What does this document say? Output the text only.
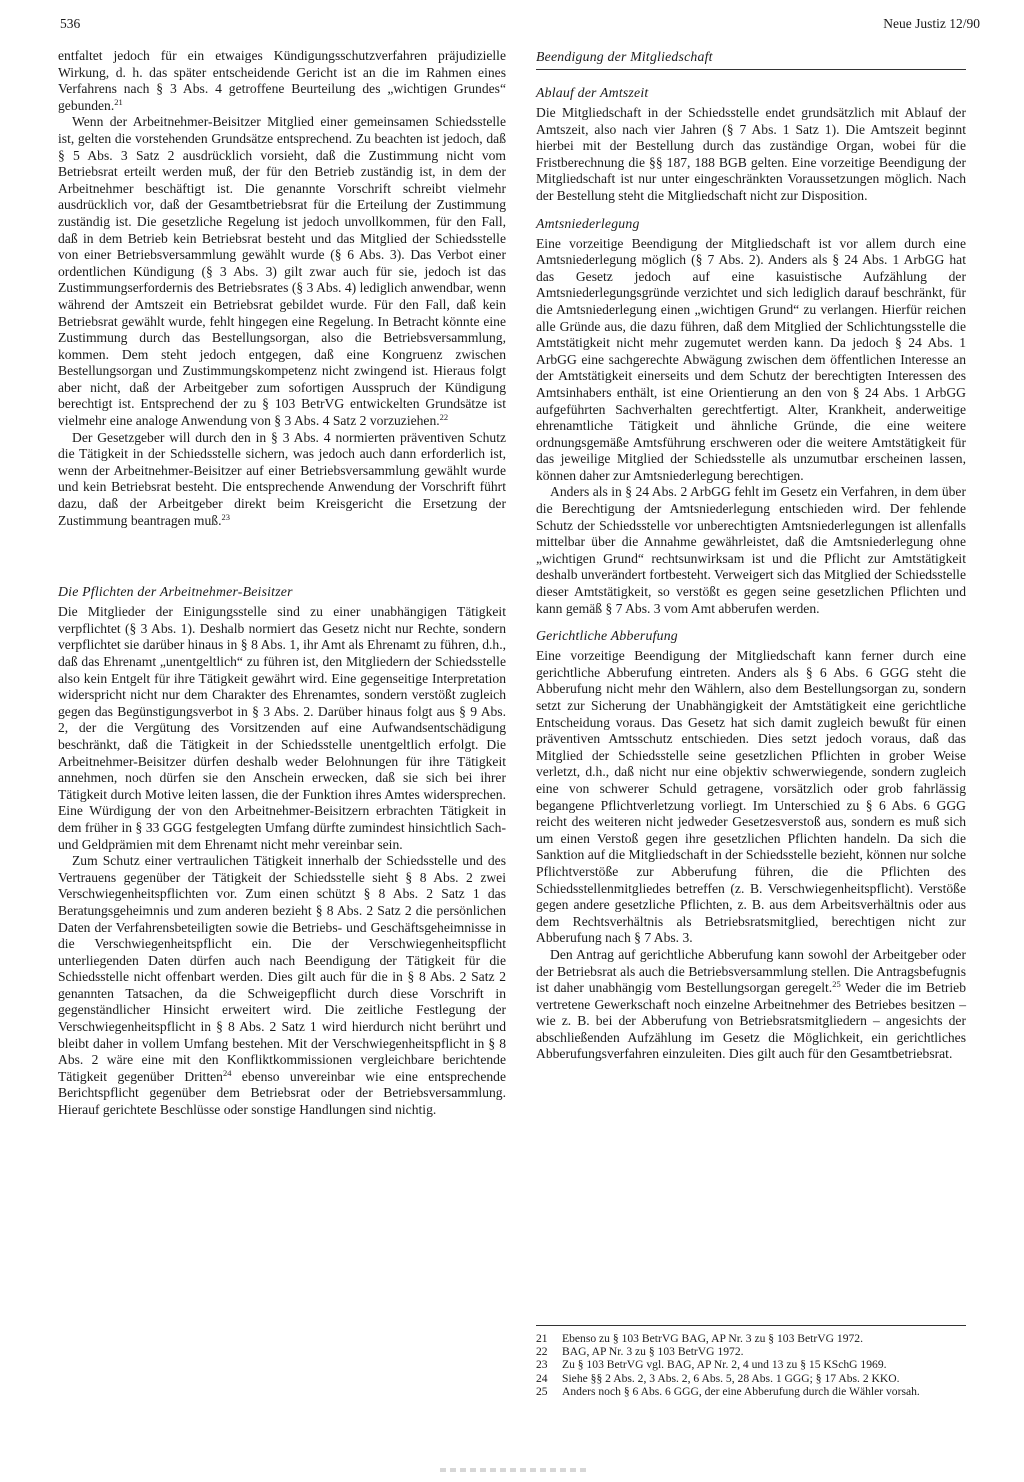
536	Neue Justiz 12/90

entfaltet jedoch für ein etwaiges Kündigungsschutzverfahren präjudizielle Wirkung, d. h. das später entscheidende Gericht ist an die im Rahmen eines Verfahrens nach § 3 Abs. 4 getroffene Beurteilung des „wichtigen Grundes“ gebunden.$^{21}$

Wenn der Arbeitnehmer-Beisitzer Mitglied einer gemeinsamen Schiedsstelle ist, gelten die vorstehenden Grundsätze entsprechend. Zu beachten ist jedoch, daß § 5 Abs. 3 Satz 2 ausdrücklich vorsieht, daß die Zustimmung nicht vom Betriebsrat erteilt werden muß, der für den Betrieb zuständig ist, in dem der Arbeitnehmer beschäftigt ist. Die genannte Vorschrift schreibt vielmehr ausdrücklich vor, daß der Gesamtbetriebsrat für die Erteilung der Zustimmung zuständig ist. Die gesetzliche Regelung ist jedoch unvollkommen, für den Fall, daß in dem Betrieb kein Betriebsrat besteht und das Mitglied der Schiedsstelle von einer Betriebsversammlung gewählt wurde (§ 6 Abs. 3). Das Verbot einer ordentlichen Kündigung (§ 3 Abs. 3) gilt zwar auch für sie, jedoch ist das Zustimmungserfordernis des Betriebsrates (§ 3 Abs. 4) lediglich anwendbar, wenn während der Amtszeit ein Betriebsrat gebildet wurde. Für den Fall, daß kein Betriebsrat gewählt wurde, fehlt hingegen eine Regelung. In Betracht könnte eine Zustimmung durch das Bestellungsorgan, also die Betriebsversammlung, kommen. Dem steht jedoch entgegen, daß eine Kongruenz zwischen Bestellungsorgan und Zustimmungskompetenz nicht zwingend ist. Hieraus folgt aber nicht, daß der Arbeitgeber zum sofortigen Ausspruch der Kündigung berechtigt ist. Entsprechend der zu § 103 BetrVG entwickelten Grundsätze ist vielmehr eine analoge Anwendung von § 3 Abs. 4 Satz 2 vorzuziehen.$^{22}$

Der Gesetzgeber will durch den in § 3 Abs. 4 normierten präventiven Schutz die Tätigkeit in der Schiedsstelle sichern, was jedoch auch dann erforderlich ist, wenn der Arbeitnehmer-Beisitzer auf einer Betriebsversammlung gewählt wurde und kein Betriebsrat besteht. Die entsprechende Anwendung der Vorschrift führt dazu, daß der Arbeitgeber direkt beim Kreisgericht die Ersetzung der Zustimmung beantragen muß.$^{23}$

Die Pflichten der Arbeitnehmer-Beisitzer

Die Mitglieder der Einigungsstelle sind zu einer unabhängigen Tätigkeit verpflichtet (§ 3 Abs. 1). Deshalb normiert das Gesetz nicht nur Rechte, sondern verpflichtet sie darüber hinaus in § 8 Abs. 1, ihr Amt als Ehrenamt zu führen, d.h., daß das Ehrenamt „unentgeltlich“ zu führen ist, den Mitgliedern der Schiedsstelle also kein Entgelt für ihre Tätigkeit gewährt wird. Eine gegenseitige Interpretation widerspricht nicht nur dem Charakter des Ehrenamtes, sondern verstößt zugleich gegen das Begünstigungsverbot in § 3 Abs. 2. Darüber hinaus folgt aus § 9 Abs. 2, der die Vergütung des Vorsitzenden auf eine Aufwandsentschädigung beschränkt, daß die Tätigkeit in der Schiedsstelle unentgeltlich erfolgt. Die Arbeitnehmer-Beisitzer dürfen deshalb weder Belohnungen für ihre Tätigkeit annehmen, noch dürfen sie den Anschein erwecken, daß sie sich bei ihrer Tätigkeit durch Motive leiten lassen, die der Funktion ihres Amtes widersprechen. Eine Würdigung der von den Arbeitnehmer-Beisitzern erbrachten Tätigkeit in dem früher in § 33 GGG festgelegten Umfang dürfte zumindest hinsichtlich Sach- und Geldprämien mit dem Ehrenamt nicht mehr vereinbar sein.

Zum Schutz einer vertraulichen Tätigkeit innerhalb der Schiedsstelle und des Vertrauens gegenüber der Tätigkeit der Schiedsstelle sieht § 8 Abs. 2 zwei Verschwiegenheitspflichten vor. Zum einen schützt § 8 Abs. 2 Satz 1 das Beratungsgeheimnis und zum anderen bezieht § 8 Abs. 2 Satz 2 die persönlichen Daten der Verfahrensbeteiligten sowie die Betriebs- und Geschäftsgeheimnisse in die Verschwiegenheitspflicht ein. Die der Verschwiegenheitspflicht unterliegenden Daten dürfen auch nach Beendigung der Tätigkeit für die Schiedsstelle nicht offenbart werden. Dies gilt auch für die in § 8 Abs. 2 Satz 2 genannten Tatsachen, da die Schweigepflicht durch diese Vorschrift in gegenständlicher Hinsicht erweitert wird. Die zeitliche Festlegung der Verschwiegenheitspflicht in § 8 Abs. 2 Satz 1 wird hierdurch nicht berührt und bleibt daher in vollem Umfang bestehen. Mit der Verschwiegenheitspflicht in § 8 Abs. 2 wäre eine mit den Konfliktkommissionen vergleichbare berichtende Tätigkeit gegenüber Dritten$^{24}$ ebenso unvereinbar wie eine entsprechende Berichtspflicht gegenüber dem Betriebsrat oder der Betriebsversammlung. Hierauf gerichtete Beschlüsse oder sonstige Handlungen sind nichtig.

Beendigung der Mitgliedschaft
Ablauf der Amtszeit

Die Mitgliedschaft in der Schiedsstelle endet grundsätzlich mit Ablauf der Amtszeit, also nach vier Jahren (§ 7 Abs. 1 Satz 1). Die Amtszeit beginnt hierbei mit der Bestellung durch das zuständige Organ, wobei für die Fristberechnung die §§ 187, 188 BGB gelten. Eine vorzeitige Beendigung der Mitgliedschaft ist nur unter eingeschränkten Voraussetzungen möglich. Nach der Bestellung steht die Mitgliedschaft nicht zur Disposition.

Amtsniederlegung

Eine vorzeitige Beendigung der Mitgliedschaft ist vor allem durch eine Amtsniederlegung möglich (§ 7 Abs. 2). Anders als § 24 Abs. 1 ArbGG hat das Gesetz jedoch auf eine kasuistische Aufzählung der Amtsniederlegungsgründe verzichtet und sich lediglich darauf beschränkt, für die Amtsniederlegung einen „wichtigen Grund“ zu verlangen. Hierfür reichen alle Gründe aus, die dazu führen, daß dem Mitglied der Schlichtungsstelle die Amtstätigkeit nicht mehr zugemutet werden kann. Da jedoch § 24 Abs. 1 ArbGG eine sachgerechte Abwägung zwischen dem öffentlichen Interesse an der Amtstätigkeit einerseits und dem Schutz der berechtigten Interessen des Amtsinhabers enthält, ist eine Orientierung an den von § 24 Abs. 1 ArbGG aufgeführten Sachverhalten gerechtfertigt. Alter, Krankheit, anderweitige ehrenamtliche Tätigkeit und ähnliche Gründe, die eine weitere ordnungsgemäße Amtsführung erschweren oder die weitere Amtstätigkeit für das jeweilige Mitglied der Schiedsstelle als unzumutbar erscheinen lassen, können daher zur Amtsniederlegung berechtigen.

Anders als in § 24 Abs. 2 ArbGG fehlt im Gesetz ein Verfahren, in dem über die Berechtigung der Amtsniederlegung entschieden wird. Der fehlende Schutz der Schiedsstelle vor unberechtigten Amtsniederlegungen ist allenfalls mittelbar über die Annahme gewährleistet, daß die Amtsniederlegung ohne „wichtigen Grund“ rechtsunwirksam ist und die Pflicht zur Amtstätigkeit deshalb unverändert fortbesteht. Verweigert sich das Mitglied der Schiedsstelle dieser Amtstätigkeit, so verstößt es gegen seine gesetzlichen Pflichten und kann gemäß § 7 Abs. 3 vom Amt abberufen werden.

Gerichtliche Abberufung

Eine vorzeitige Beendigung der Mitgliedschaft kann ferner durch eine gerichtliche Abberufung eintreten. Anders als § 6 Abs. 6 GGG steht die Abberufung nicht mehr den Wählern, also dem Bestellungsorgan zu, sondern setzt zur Sicherung der Unabhängigkeit der Amtstätigkeit eine gerichtliche Entscheidung voraus. Das Gesetz hat sich damit zugleich bewußt für einen präventiven Amtsschutz entschieden. Dies setzt jedoch voraus, daß das Mitglied der Schiedsstelle seine gesetzlichen Pflichten in grober Weise verletzt, d.h., daß nicht nur eine objektiv schwerwiegende, sondern zugleich eine von schwerer Schuld getragene, vorsätzlich oder grob fahrlässig begangene Pflichtverletzung vorliegt. Im Unterschied zu § 6 Abs. 6 GGG reicht des weiteren nicht jedweder Gesetzesverstoß aus, sondern es muß sich um einen Verstoß gegen ihre gesetzlichen Pflichten handeln. Da sich die Sanktion auf die Mitgliedschaft in der Schiedsstelle bezieht, können nur solche Pflichtverstöße zur Abberufung führen, die die Pflichten des Schiedsstellenmitgliedes betreffen (z. B. Verschwiegenheitspflicht). Verstöße gegen andere gesetzliche Pflichten, z. B. aus dem Arbeitsverhältnis oder aus dem Rechtsverhältnis als Betriebsratsmitglied, berechtigen nicht zur Abberufung nach § 7 Abs. 3.

Den Antrag auf gerichtliche Abberufung kann sowohl der Arbeitgeber oder der Betriebsrat als auch die Betriebsversammlung stellen. Die Antragsbefugnis ist daher unabhängig vom Bestellungsorgan geregelt.$^{25}$ Weder die im Betrieb vertretene Gewerkschaft noch einzelne Arbeitnehmer des Betriebes besitzen – wie z. B. bei der Abberufung von Betriebsratsmitgliedern – angesichts der abschließenden Aufzählung im Gesetz die Möglichkeit, ein gerichtliches Abberufungsverfahren einzuleiten. Dies gilt auch für den Gesamtbetriebsrat.

21	Ebenso zu § 103 BetrVG BAG, AP Nr. 3 zu § 103 BetrVG 1972.
22	BAG, AP Nr. 3 zu § 103 BetrVG 1972.
23	Zu § 103 BetrVG vgl. BAG, AP Nr. 2, 4 und 13 zu § 15 KSchG 1969.
24	Siehe §§ 2 Abs. 2, 3 Abs. 2, 6 Abs. 5, 28 Abs. 1 GGG; § 17 Abs. 2 KKO.
25	Anders noch § 6 Abs. 6 GGG, der eine Abberufung durch die Wähler vorsah.
